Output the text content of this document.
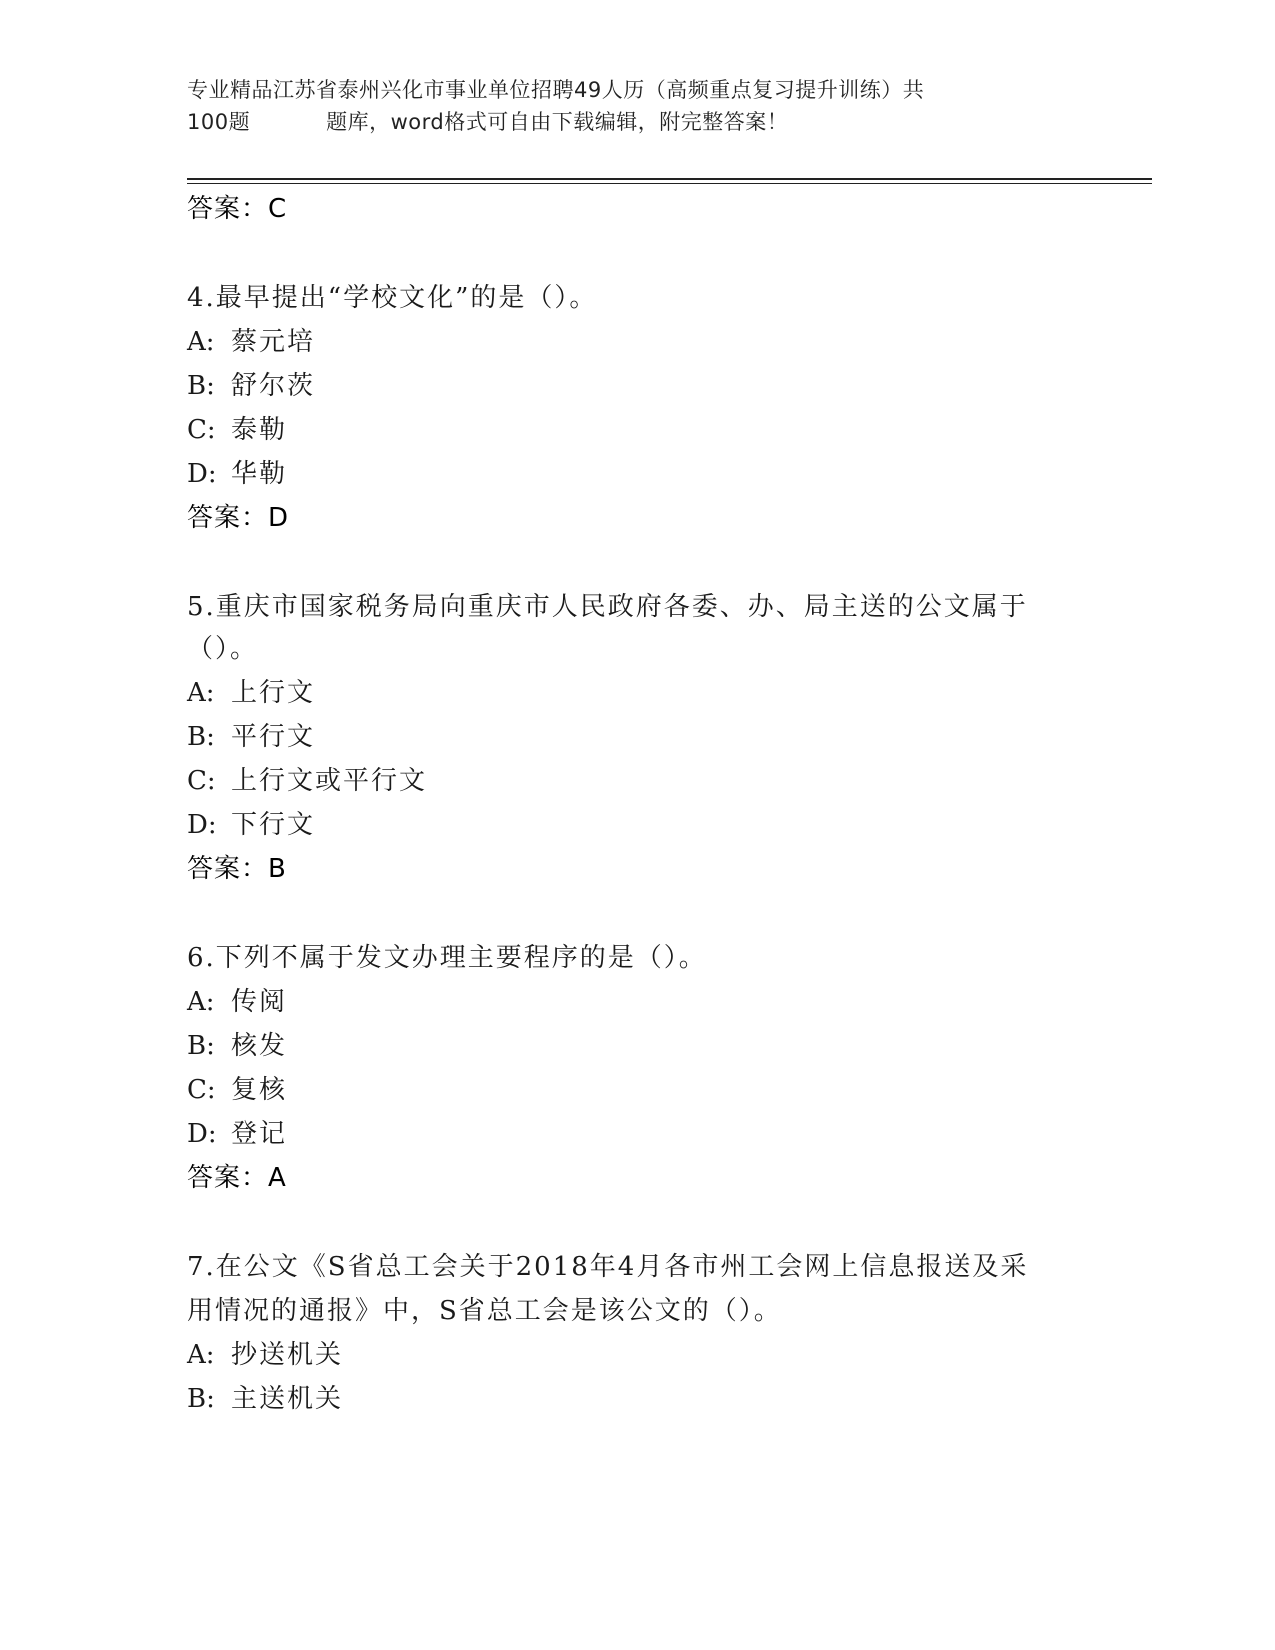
专业精品江苏省泰州兴化市事业单位招聘49人历（高频重点复习提升训练）共
100题	题库，word格式可自由下载编辑，附完整答案！
答案：C
4.最早提出“学校文化”的是（）。
A: 蔡元培
B: 舒尔茨
C: 泰勒
D: 华勒
答案：D
5.重庆市国家税务局向重庆市人民政府各委、办、局主送的公文属于
（）。
A: 上行文
B: 平行文
C: 上行文或平行文
D: 下行文
答案：B
6.下列不属于发文办理主要程序的是（）。
A: 传阅
B: 核发
C: 复核
D: 登记
答案：A
7.在公文《S省总工会关于2018年4月各市州工会网上信息报送及采
用情况的通报》中，S省总工会是该公文的（）。
A: 抄送机关
B: 主送机关
